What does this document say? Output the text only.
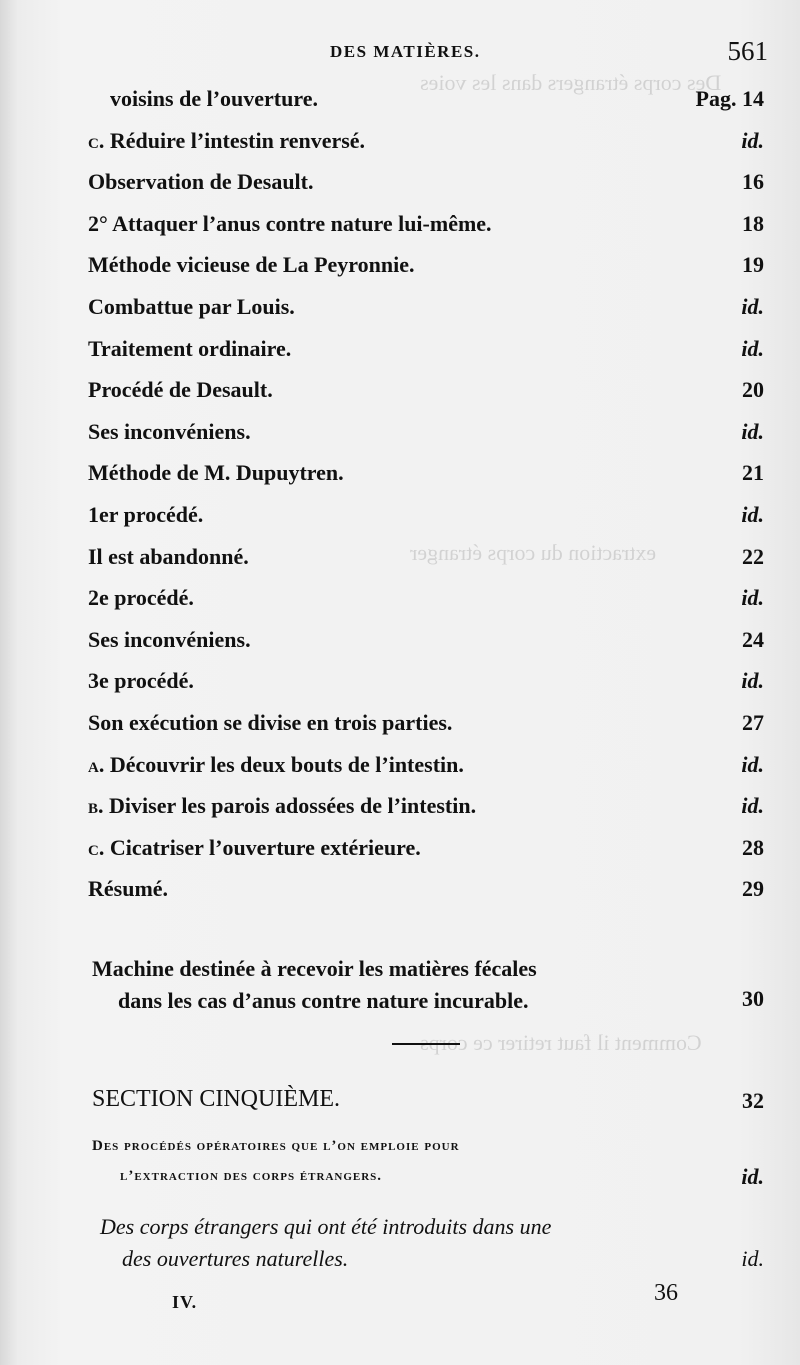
Des corps étrangers dans les voies
extraction du corps étranger
Comment il faut retirer ce corps
DES MATIÈRES.	561
voisins de l’ouverture.	Pag. 14
c. Réduire l’intestin renversé.	id.
Observation de Desault.	16
2° Attaquer l’anus contre nature lui-même.	18
Méthode vicieuse de La Peyronnie.	19
Combattue par Louis.	id.
Traitement ordinaire.	id.
Procédé de Desault.	20
Ses inconvéniens.	id.
Méthode de M. Dupuytren.	21
1er procédé.	id.
Il est abandonné.	22
2e procédé.	id.
Ses inconvéniens.	24
3e procédé.	id.
Son exécution se divise en trois parties.	27
a. Découvrir les deux bouts de l’intestin.	id.
b. Diviser les parois adossées de l’intestin.	id.
c. Cicatriser l’ouverture extérieure.	28
Résumé.	29
Machine destinée à recevoir les matières fécales
dans les cas d’anus contre nature incurable.	30
SECTION CINQUIÈME.	32
Des procédés opératoires que l’on emploie pour
l’extraction des corps étrangers.	id.
Des corps étrangers qui ont été introduits dans une
des ouvertures naturelles.	id.
IV.	36
